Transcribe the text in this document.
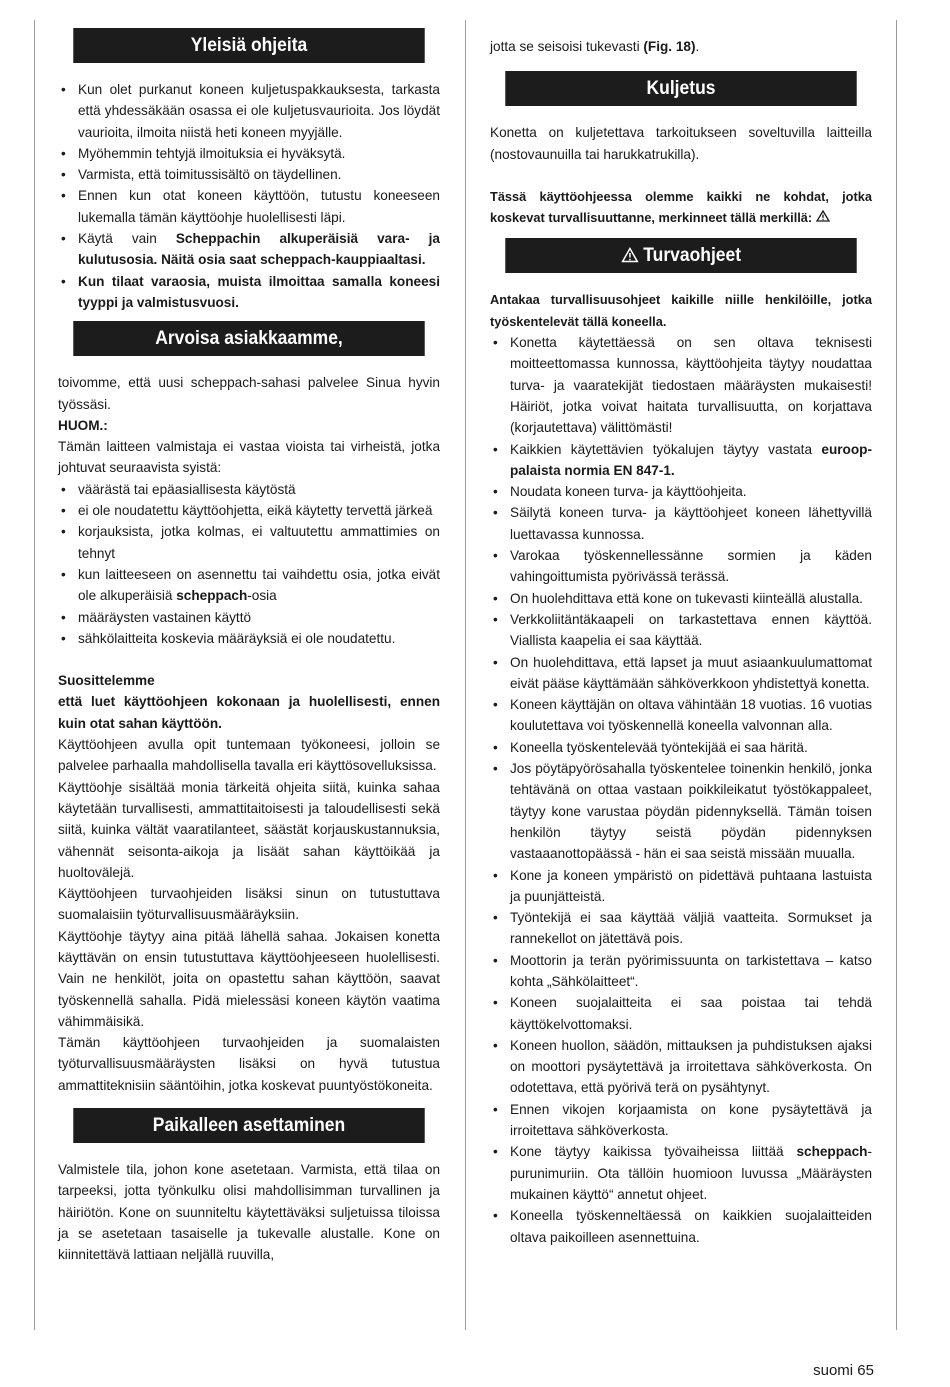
Yleisiä ohjeita
• Kun olet purkanut koneen kuljetuspakkauksesta, tarkasta että yhdessäkään osassa ei ole kuljetusvaurioita. Jos löydät vaurioita, ilmoita niistä heti koneen myyjälle.
• Myöhemmin tehtyjä ilmoituksia ei hyväksytä.
• Varmista, että toimitussisältö on täydellinen.
• Ennen kun otat koneen käyttöön, tutustu koneeseen lukemalla tämän käyttöohje huolellisesti läpi.
• Käytä vain Scheppachin alkuperäisiä vara- ja kulutusosia. Näitä osia saat scheppach-kauppiaaltasi.
• Kun tilaat varaosia, muista ilmoittaa samalla koneesi tyyppi ja valmistusvuosi.
Arvoisa asiakkaamme,

toivomme, että uusi scheppach-sahasi palvelee Sinua hyvin työssäsi.

HUOM.:

Tämän laitteen valmistaja ei vastaa vioista tai virheistä, jotka johtuvat seuraavista syistä:

• väärästä tai epäasiallisesta käytöstä
• ei ole noudatettu käyttöohjetta, eikä käytetty tervettä järkeä
• korjauksista, jotka kolmas, ei valtuutettu ammattimies on tehnyt
• kun laitteeseen on asennettu tai vaihdettu osia, jotka eivät ole alkuperäisiä scheppach-osia
• määräysten vastainen käyttö
• sähkölaitteita koskevia määräyksiä ei ole noudatettu.

Suosittelemme

että luet käyttöohjeen kokonaan ja huolellisesti, ennen kuin otat sahan käyttöön.

Käyttöohjeen avulla opit tuntemaan työkoneesi, jolloin se palvelee parhaalla mahdollisella tavalla eri käyttösovelluksissa.

Käyttöohje sisältää monia tärkeitä ohjeita siitä, kuinka sahaa käytetään turvallisesti, ammattitaitoisesti ja taloudellisesti sekä siitä, kuinka vältät vaaratilanteet, säästät korjauskustannuksia, vähennät seisonta-aikoja ja lisäät sahan käyttöikää ja huoltovälejä.

Käyttöohjeen turvaohjeiden lisäksi sinun on tutustuttava suomalaisiin työturvallisuusmääräyksiin.

Käyttöohje täytyy aina pitää lähellä sahaa. Jokaisen konetta käyttävän on ensin tutustuttava käyttöohjeeseen huolellisesti. Vain ne henkilöt, joita on opastettu sahan käyttöön, saavat työskennellä sahalla. Pidä mielessäsi koneen käytön vaatima vähimmäisikä.

Tämän käyttöohjeen turvaohjeiden ja suomalaisten työturvallisuusmääräysten lisäksi on hyvä tutustua ammattiteknisiin sääntöihin, jotka koskevat puuntyöstökoneita.

Paikalleen asettaminen

Valmistele tila, johon kone asetetaan. Varmista, että tilaa on tarpeeksi, jotta työnkulku olisi mahdollisimman turvallinen ja häiriötön. Kone on suunniteltu käytettäväksi suljetuissa tiloissa ja se asetetaan tasaiselle ja tukevalle alustalle. Kone on kiinnitettävä lattiaan neljällä ruuvilla,

jotta se seisoisi tukevasti (Fig. 18).

Kuljetus

Konetta on kuljetettava tarkoitukseen soveltuvilla laitteilla (nostovaunuilla tai harukkatrukilla).

Tässä käyttöohjeessa olemme kaikki ne kohdat, jotka koskevat turvallisuuttanne, merkinneet tällä merkillä:

Turvaohjeet

Antakaa turvallisuusohjeet kaikille niille henkilöille, jotka työskentelevät tällä koneella.

• Konetta käytettäessä on sen oltava teknisesti moitteettomassa kunnossa, käyttöohjeita täytyy noudattaa turva- ja vaaratekijät tiedostaen määräysten mukaisesti! Häiriöt, jotka voivat haitata turvallisuutta, on korjattava (korjautettava) välittömästi!
• Kaikkien käytettävien työkalujen täytyy vastata euroop-palaista normia EN 847-1.
• Noudata koneen turva- ja käyttöohjeita.
• Säilytä koneen turva- ja käyttöohjeet koneen lähettyvillä luettavassa kunnossa.
• Varokaa työskennellessänne sormien ja käden vahingoittumista pyörivässä terässä.
• On huolehdittava että kone on tukevasti kiinteällä alustalla.
• Verkkoliitäntäkaapeli on tarkastettava ennen käyttöä. Viallista kaapelia ei saa käyttää.
• On huolehdittava, että lapset ja muut asiaankuulumattomat eivät pääse käyttämään sähköverkkoon yhdistettyä konetta.
• Koneen käyttäjän on oltava vähintään 18 vuotias. 16 vuotias koulutettava voi työskennellä koneella valvonnan alla.
• Koneella työskentelevää työntekijää ei saa häritä.
• Jos pöytäpyörösahalla työskentelee toinenkin henkilö, jonka tehtävänä on ottaa vastaan poikkileikatut työstökappaleet, täytyy kone varustaa pöydän pidennyksellä. Tämän toisen henkilön täytyy seistä pöydän pidennyksen vastaaanottopäässä - hän ei saa seistä missään muualla.
• Kone ja koneen ympäristö on pidettävä puhtaana lastuista ja puunjätteistä.
• Työntekijä ei saa käyttää väljiä vaatteita. Sormukset ja rannekellot on jätettävä pois.
• Moottorin ja terän pyörimissuunta on tarkistettava – katso kohta „Sähkölaitteet“.
• Koneen suojalaitteita ei saa poistaa tai tehdä käyttökelvottomaksi.
• Koneen huollon, säädön, mittauksen ja puhdistuksen ajaksi on moottori pysäytettävä ja irroitettava sähköverkosta. On odotettava, että pyörivä terä on pysähtynyt.
• Ennen vikojen korjaamista on kone pysäytettävä ja irroitettava sähköverkosta.
• Kone täytyy kaikissa työvaiheissa liittää scheppach-purunimuriin. Ota tällöin huomioon luvussa „Määräysten mukainen käyttö“ annetut ohjeet.
• Koneella työskenneltäessä on kaikkien suojalaitteiden oltava paikoilleen asennettuina.
suomi 65
